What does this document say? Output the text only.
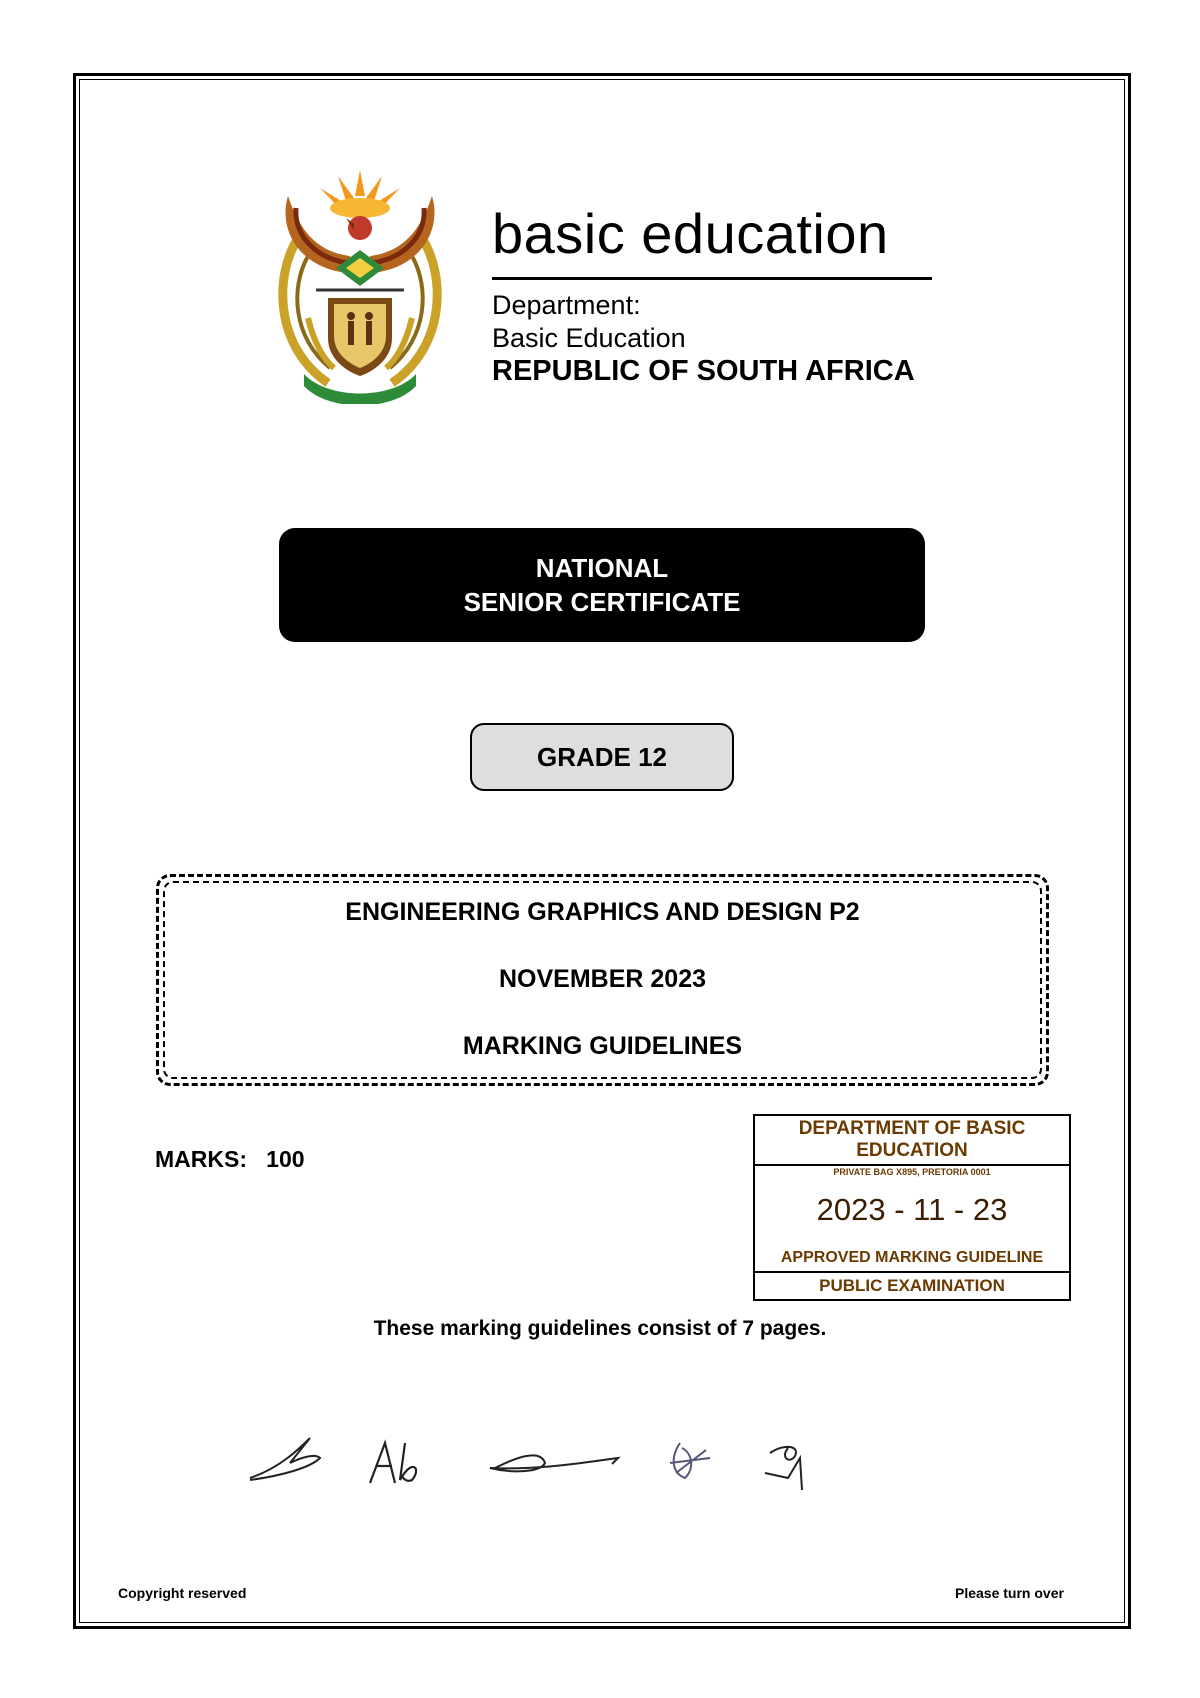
basic education
Department:
Basic Education
REPUBLIC OF SOUTH AFRICA
NATIONAL
SENIOR CERTIFICATE
GRADE 12
ENGINEERING GRAPHICS AND DESIGN P2
NOVEMBER 2023
MARKING GUIDELINES
MARKS: 100
DEPARTMENT OF BASIC
EDUCATION
PRIVATE BAG X895, PRETORIA 0001
2023 - 11 - 23
APPROVED MARKING GUIDELINE
PUBLIC EXAMINATION
These marking guidelines consist of 7 pages.
Copyright reserved	Please turn over
